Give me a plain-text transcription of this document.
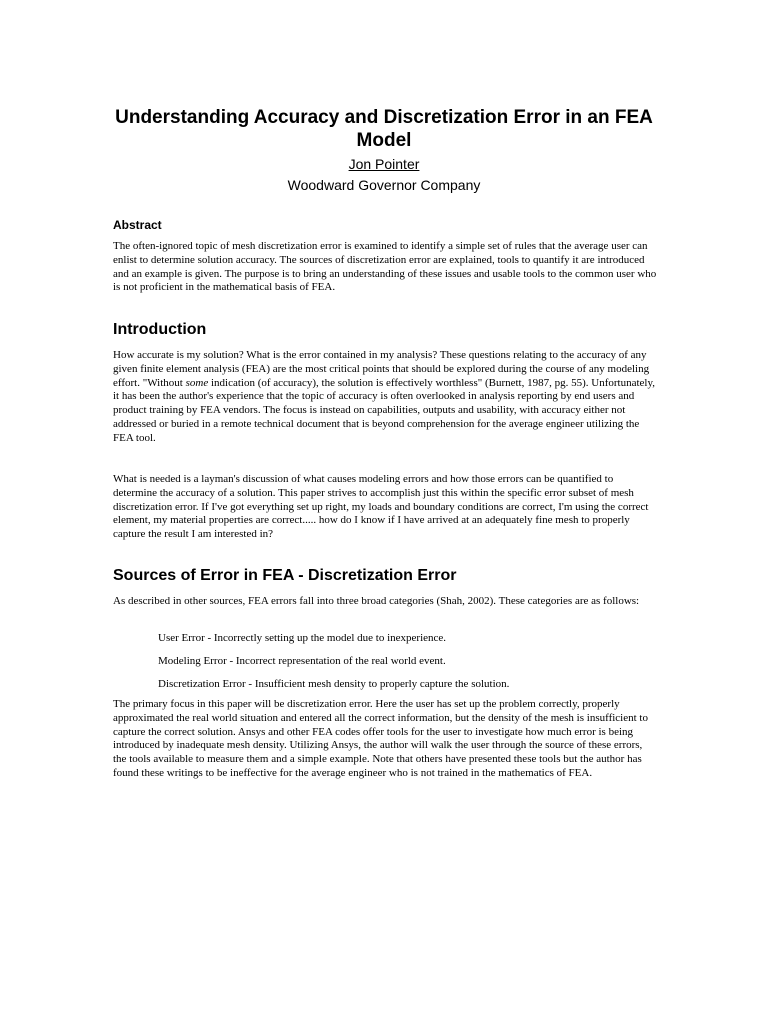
Understanding Accuracy and Discretization Error in an FEA Model
Jon Pointer
Woodward Governor Company
Abstract

The often-ignored topic of mesh discretization error is examined to identify a simple set of rules that the average user can enlist to determine solution accuracy. The sources of discretization error are explained, tools to quantify it are introduced and an example is given. The purpose is to bring an understanding of these issues and usable tools to the common user who is not proficient in the mathematical basis of FEA.

Introduction

How accurate is my solution? What is the error contained in my analysis? These questions relating to the accuracy of any given finite element analysis (FEA) are the most critical points that should be explored during the course of any modeling effort. "Without some indication (of accuracy), the solution is effectively worthless" (Burnett, 1987, pg. 55). Unfortunately, it has been the author's experience that the topic of accuracy is often overlooked in analysis reporting by end users and product training by FEA vendors. The focus is instead on capabilities, outputs and usability, with accuracy either not addressed or buried in a remote technical document that is beyond comprehension for the average engineer utilizing the FEA tool.

What is needed is a layman's discussion of what causes modeling errors and how those errors can be quantified to determine the accuracy of a solution. This paper strives to accomplish just this within the specific error subset of mesh discretization error. If I've got everything set up right, my loads and boundary conditions are correct, I'm using the correct element, my material properties are correct..... how do I know if I have arrived at an adequately fine mesh to properly capture the result I am interested in?

Sources of Error in FEA - Discretization Error

As described in other sources, FEA errors fall into three broad categories (Shah, 2002). These categories are as follows:

User Error - Incorrectly setting up the model due to inexperience.

Modeling Error - Incorrect representation of the real world event.

Discretization Error - Insufficient mesh density to properly capture the solution.

The primary focus in this paper will be discretization error. Here the user has set up the problem correctly, properly approximated the real world situation and entered all the correct information, but the density of the mesh is insufficient to capture the correct solution. Ansys and other FEA codes offer tools for the user to investigate how much error is being introduced by inadequate mesh density. Utilizing Ansys, the author will walk the user through the source of these errors, the tools available to measure them and a simple example. Note that others have presented these tools but the author has found these writings to be ineffective for the average engineer who is not trained in the mathematics of FEA.
